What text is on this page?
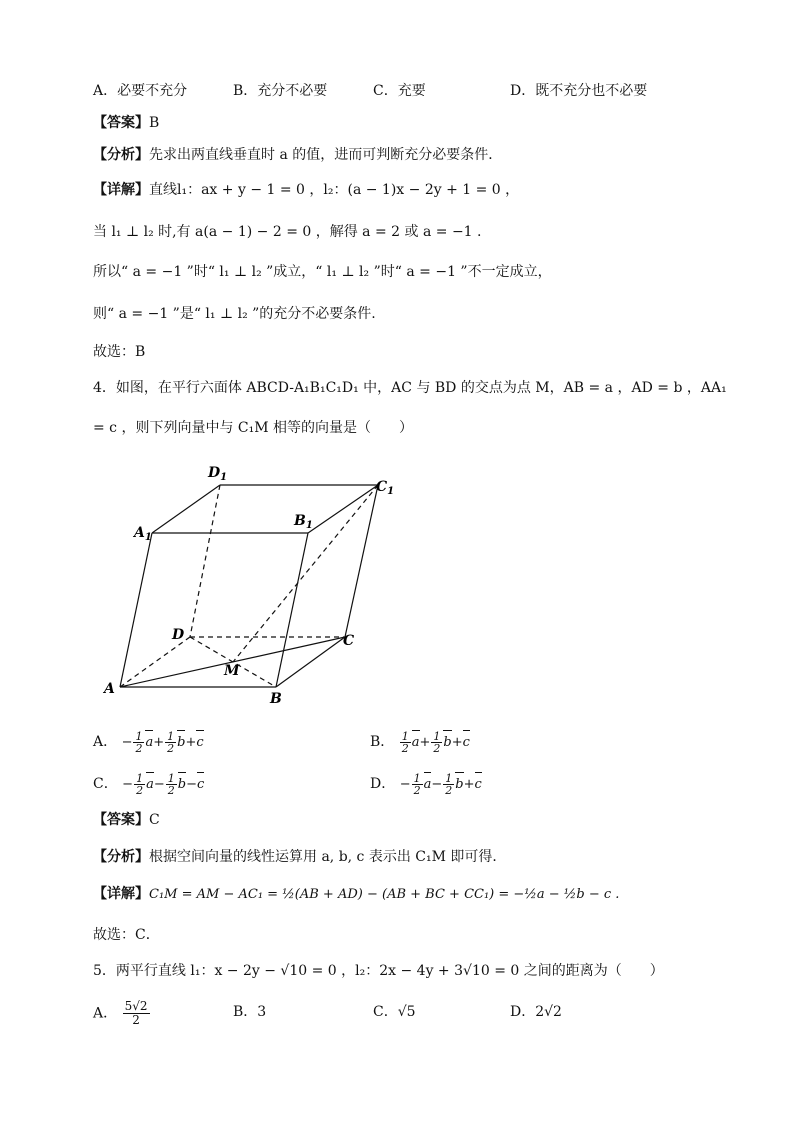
A．必要不充分	B．充分不必要	C．充要	D．既不充分也不必要
【答案】B
【分析】先求出两直线垂直时 a 的值，进而可判断充分必要条件．
【详解】直线l₁：ax + y − 1 = 0 ，l₂：(a − 1)x − 2y + 1 = 0 ，
当 l₁ ⊥ l₂ 时,有 a(a − 1) − 2 = 0 ，解得 a = 2 或 a = −1 .
所以“ a = −1 ”时“ l₁ ⊥ l₂ ”成立，“ l₁ ⊥ l₂ ”时“ a = −1 ”不一定成立，
则“ a = −1 ”是“ l₁ ⊥ l₂ ”的充分不必要条件.
故选：B
4．如图，在平行六面体 ABCD-A₁B₁C₁D₁ 中，AC 与 BD 的交点为点 M，AB = a ，AD = b ，AA₁
= c ，则下列向量中与 C₁M 相等的向量是（　　）
$D_1$
$C_1$
$A_1$
$B_1$
D	C
A
B
M
A． − $\frac{1}{2} a+ \frac{1}{2} b+c$	B． $\frac{1}{2} a+ \frac{1}{2} b+c$
C． − $\frac{1}{2} a- \frac{1}{2} b-c$	D． − $\frac{1}{2} a- \frac{1}{2} b+c$
【答案】C
【分析】根据空间向量的线性运算用 a, b, c 表示出 C₁M 即可得．
【详解】C₁M = AM − AC₁ = ½(AB + AD) − (AB + BC + CC₁) = −½a − ½b − c .
故选：C．
5．两平行直线 l₁：x − 2y − √10 = 0 ，l₂：2x − 4y + 3√10 = 0 之间的距离为（　　）
A． $\frac{5√2}{2}$	B．3	C．√5	D．2√2
